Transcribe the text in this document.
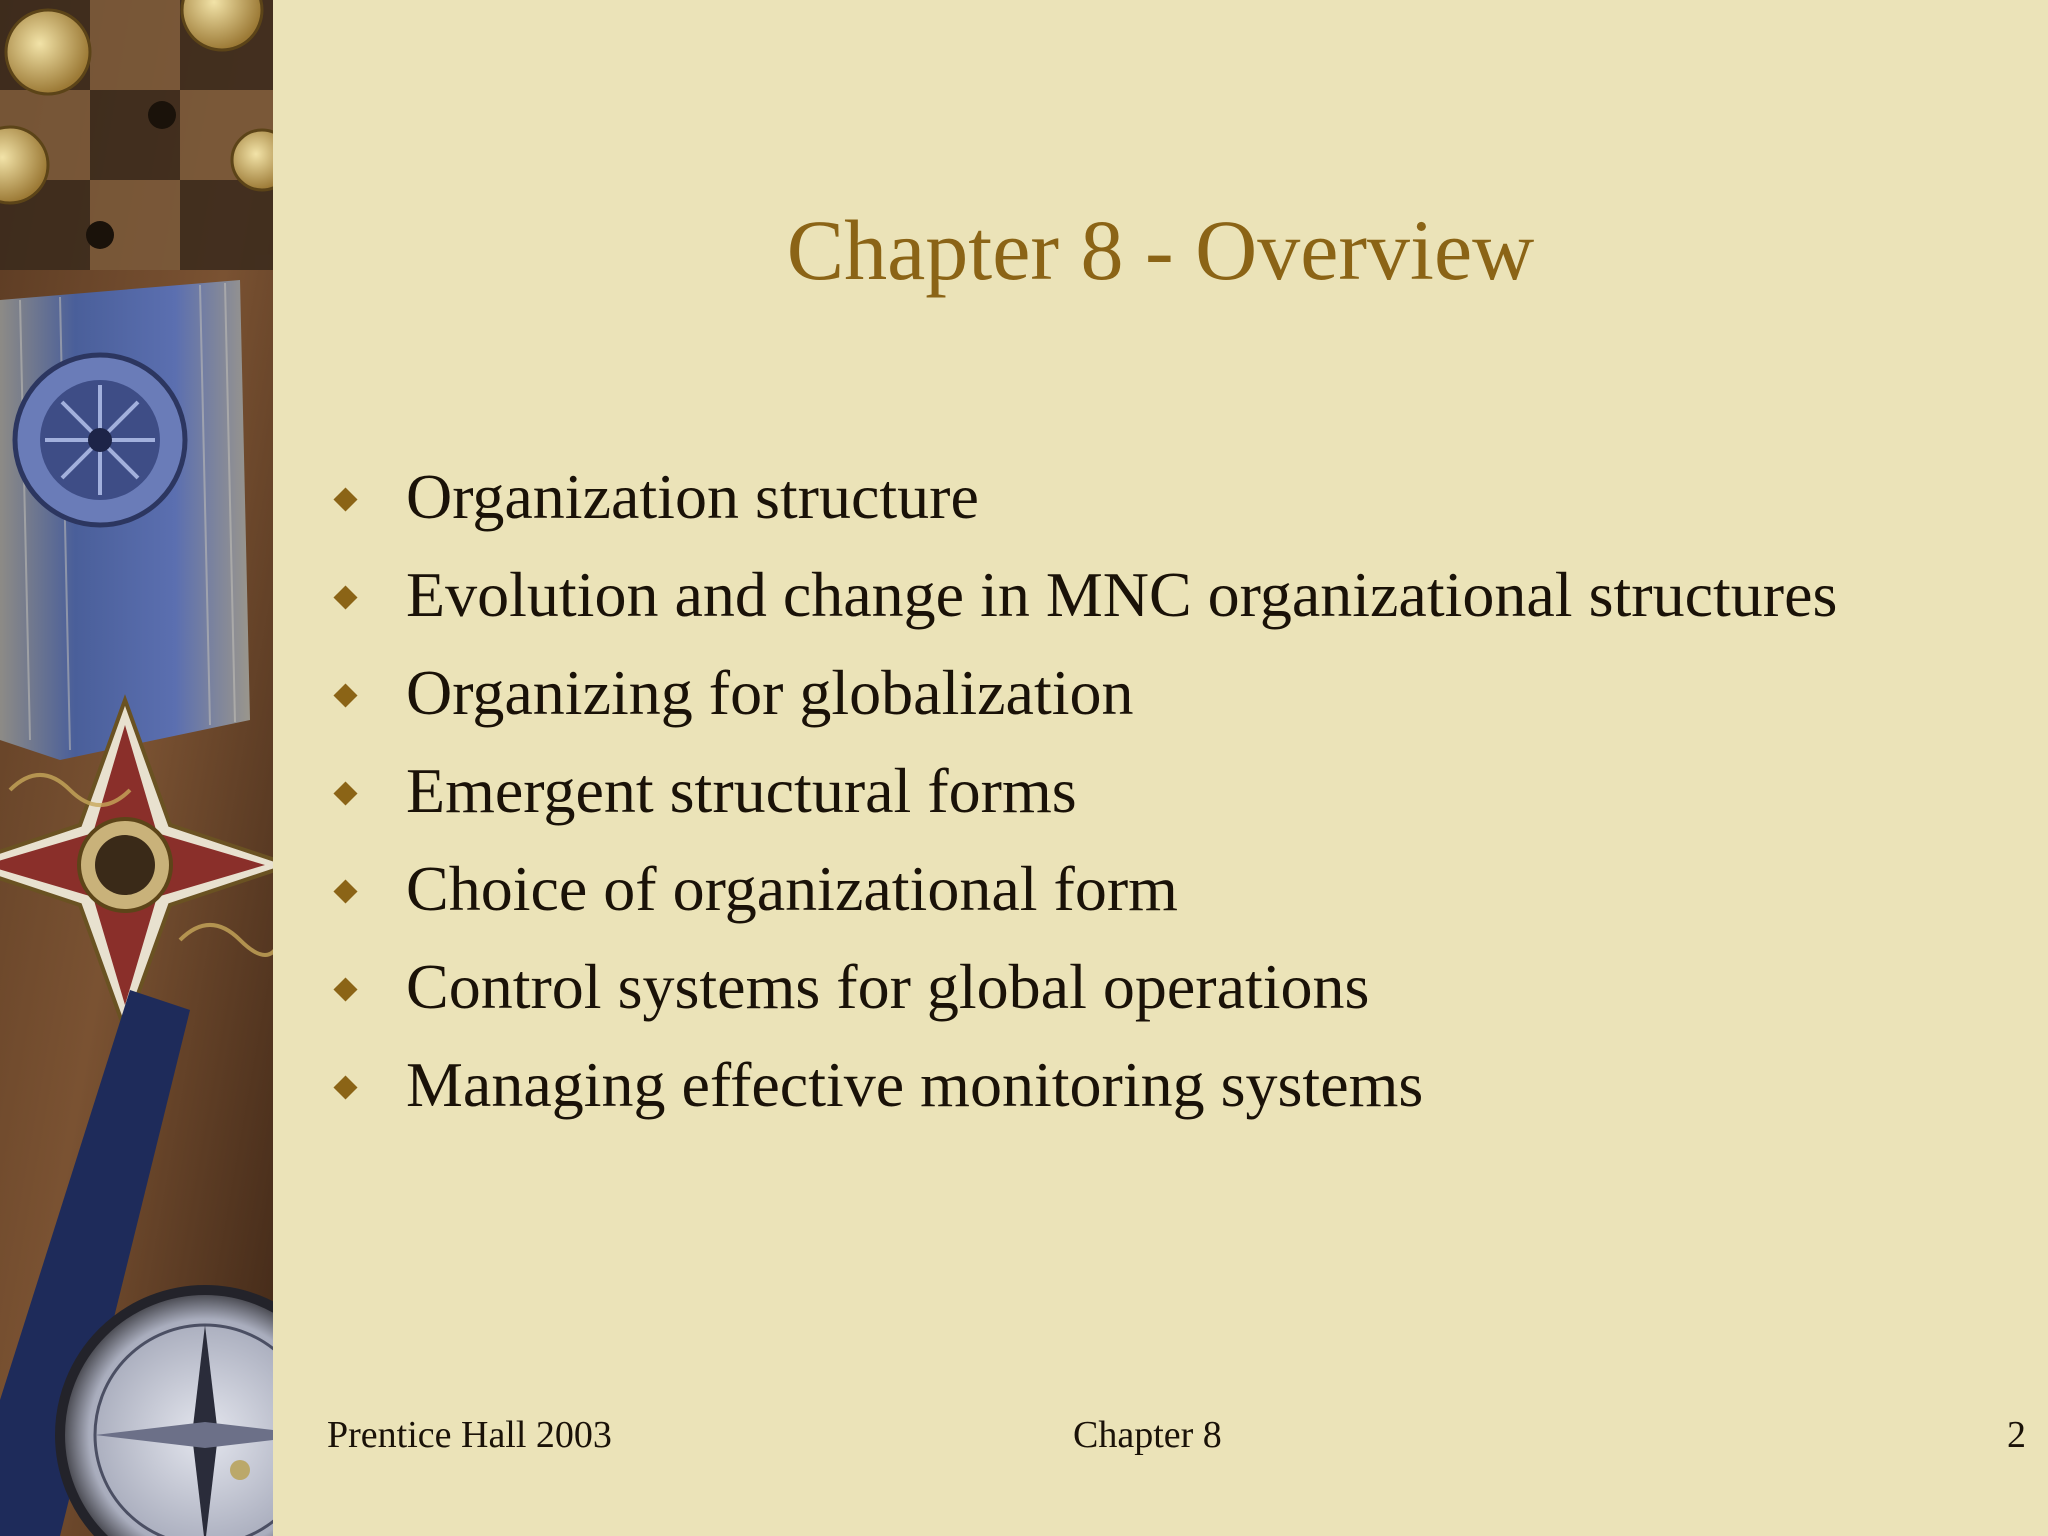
Chapter 8 - Overview
Organization structure
Evolution and change in MNC organizational structures
Organizing for globalization
Emergent structural forms
Choice of organizational form
Control systems for global operations
Managing effective monitoring systems
Prentice Hall 2003	Chapter 8	2
